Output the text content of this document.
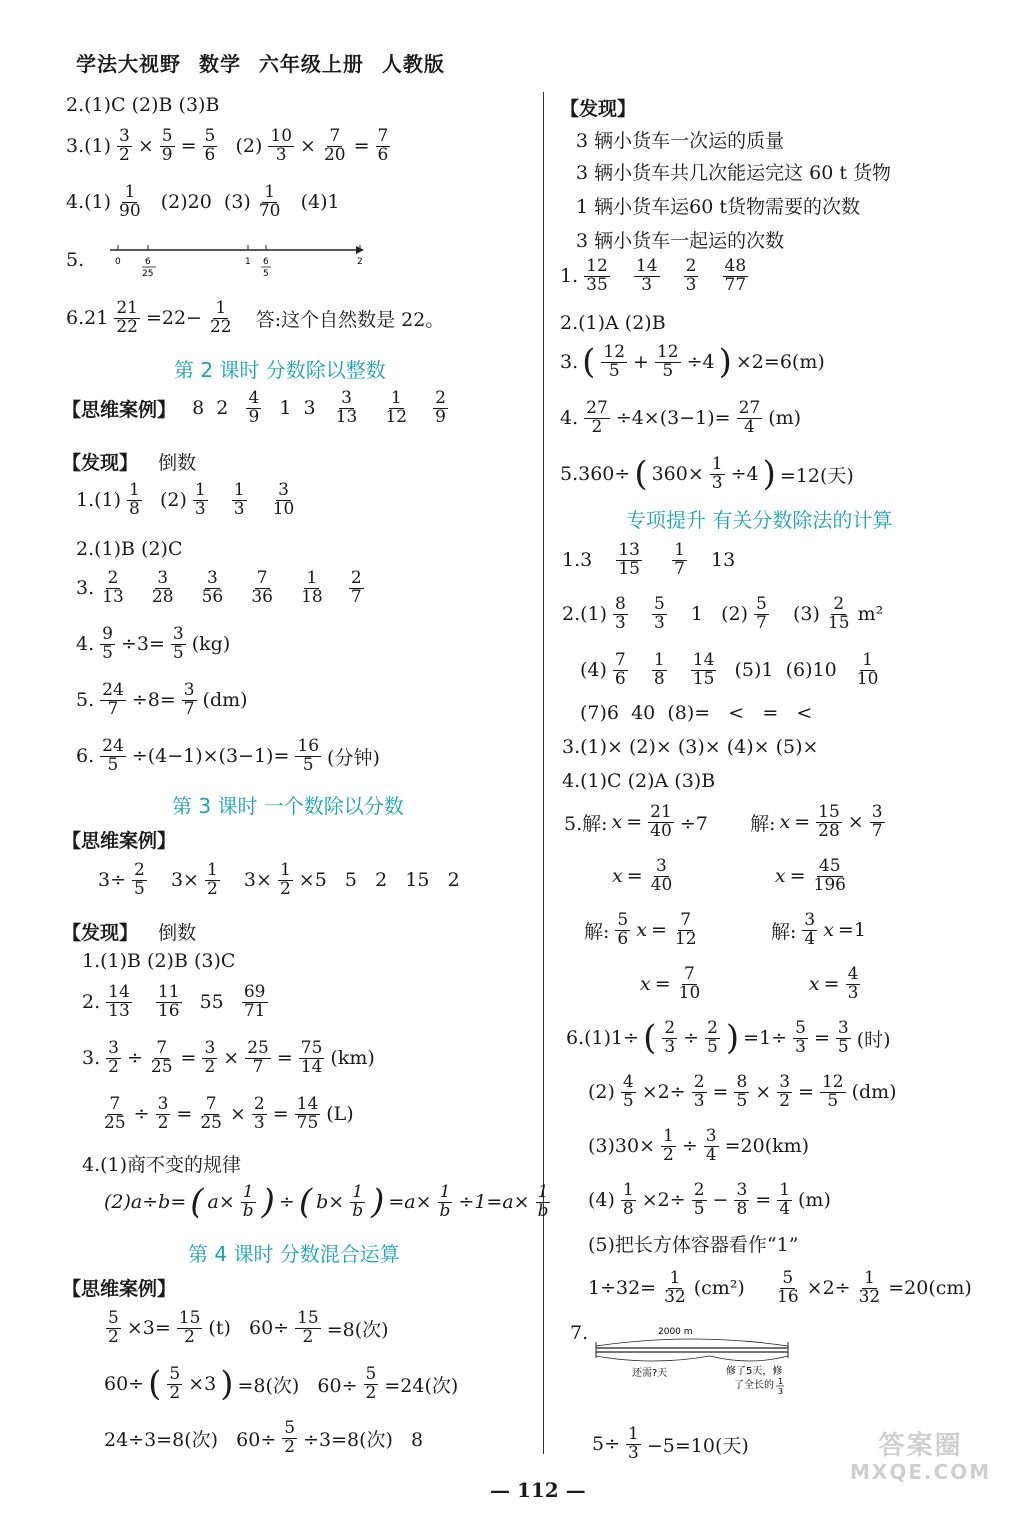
学法大视野 数学 六年级上册 人教版
2.(1)C (2)B (3)B
$3.(1) \frac{3}{2} \times \frac{5}{9} = \frac{5}{6} (2) \frac{10}{3} \times \frac{7}{20} = \frac{7}{6}$
$4.(1) \frac{1}{90} (2)20$  $(3) \frac{1}{70} (4)1$
5.	0	6
25
1 6
5
2
$6.21 \frac{21}{22} =22- \frac{1}{22}$
答:这个自然数是 22。
第 2 课时 分数除以整数
【思维案例】 8  $2 \frac{4}{9} 1$  $3 \frac{3}{13}$
$\frac{1}{12}$
$\frac{2}{9}$
【发现】
倒数
$1.(1) \frac{1}{8} (2) \frac{1}{3}$
$\frac{1}{3}$
$\frac{3}{10}$
2.(1)B (2)C
3. $\frac{2}{13}$
$\frac{3}{28}$
$\frac{3}{56}$
$\frac{7}{36}$
$\frac{1}{18}$
$\frac{2}{7}$
4. $\frac{9}{5} \div 3= \frac{3}{5} (kg)$
5. $\frac{24}{7} \div 8= \frac{3}{7} (dm)$
6. $\frac{24}{5} \div(4-1)\times(3-1)= \frac{16}{5}$ (分钟)
第 3 课时 一个数除以分数
【思维案例】
$3\div \frac{2}{5} 3\times \frac{1}{2} 3\times \frac{1}{2} \times 5$   5   2   15   2
【发现】
倒数
1.(1)B (2)B (3)C
2. $\frac{14}{13}$
$\frac{11}{16} 55 \frac{69}{71}$
3. $\frac{3}{2} \div \frac{7}{25} = \frac{3}{2} \times \frac{25}{7} = \frac{75}{14} (km)$
$\frac{7}{25} \div \frac{3}{2} = \frac{7}{25} \times \frac{2}{3} = \frac{14}{75} (L)$
4.(1)商不变的规律
(2)a÷b= ( $a\times \frac{1}{b}$ ) ÷ ( $b\times \frac{1}{b}$ ) $=a\times \frac{1}{b} \div 1=a\times \frac{1}{b}$
第 4 课时 分数混合运算
【思维案例】
$\frac{5}{2} \times 3= \frac{15}{2} (t)$   $60\div \frac{15}{2} =8$(次)
60÷ ( $\frac{5}{2} \times 3$ ) =8(次)   $60\div \frac{5}{2} =24$(次)
24÷3=8(次)   $60\div \frac{5}{2} \div 3=8$(次)   8
【发现】
3 辆小货车一次运的质量
3 辆小货车共几次能运完这 60 t 货物
1 辆小货车运60 t货物需要的次数
3 辆小货车一起运的次数
1. $\frac{12}{35}$
$\frac{14}{3}$
$\frac{2}{3}$
$\frac{48}{77}$
2.(1)A (2)B
3. ( $\frac{12}{5} + \frac{12}{5} \div 4$ ) ×2=6(m)
4. $\frac{27}{2} \div 4\times(3-1)= \frac{27}{4} (m)$
5.360÷ ( $360\times \frac{1}{3} \div 4$ ) =12(天)
专项提升 有关分数除法的计算
$1.3 \frac{13}{15}$
$\frac{1}{7} 13$
$2.(1) \frac{8}{3}$
$\frac{5}{3} 1$   $(2) \frac{5}{7} (3) \frac{2}{15} m^2$
$(4) \frac{7}{6}$
$\frac{1}{8}$
$\frac{14}{15} (5)1$  $(6)10 \frac{1}{10}$
(7)6  40  (8)=   <   =   <
3.(1)× (2)× (3)× (4)× (5)×
4.(1)C (2)A (3)B
5.解: $x = \frac{21}{40} \div 7$       解: $x = \frac{15}{28} \times \frac{3}{7}$
$x = \frac{3}{40}$
	$x = \frac{45}{196}$
解: $\frac{5}{6}$ $x = \frac{7}{12}$ 解: $\frac{3}{4}$ x =1
$x = \frac{7}{10}$
	$x = \frac{4}{3}$
6.(1)1÷ ( $\frac{2}{3} \div \frac{2}{5}$ ) $=1\div \frac{5}{3} = \frac{3}{5}$ (时)
$(2) \frac{4}{5} \times 2\div \frac{2}{3} = \frac{8}{5} \times \frac{3}{2} = \frac{12}{5} (dm)$
$(3)30\times \frac{1}{2} \div \frac{3}{4} =20(km)$
$(4) \frac{1}{8} \times 2\div \frac{2}{5} - \frac{3}{8} = \frac{1}{4} (m)$
(5)把长方体容器看作“1”
$1\div 32= \frac{1}{32} (cm^2) \frac{5}{16} \times 2\div \frac{1}{32} =20(cm)$
7.	2000 m
还需?天	修了5天，修
了全长的 1
3
$5\div \frac{1}{3} -5=10$(天)
— 112 —
答案圈
MXQE.COM
